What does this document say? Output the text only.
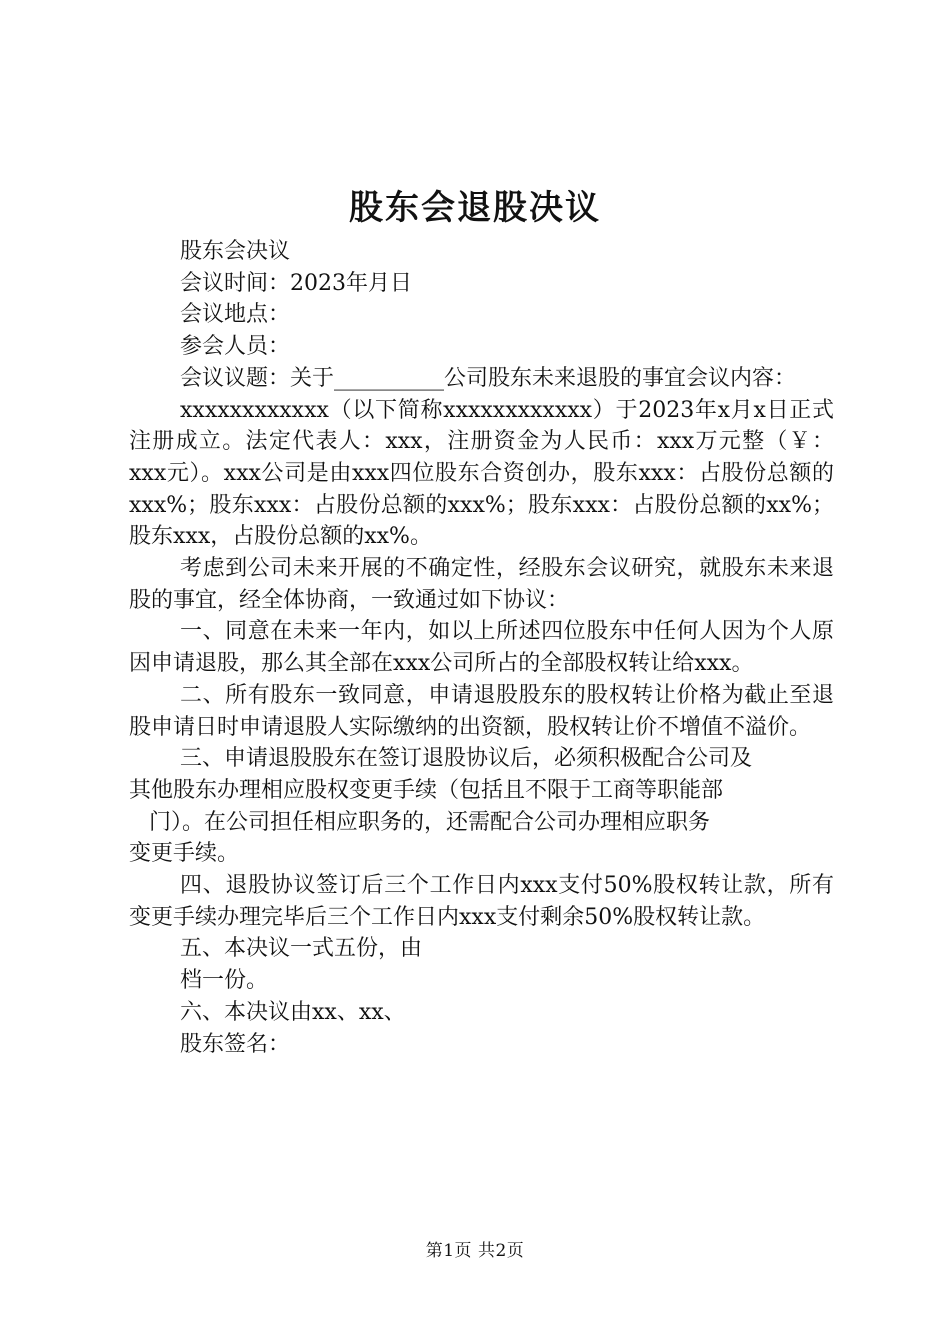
股东会退股决议

股东会决议

会议时间：2023年月日

会议地点：

参会人员：

会议议题：关于__________公司股东未来退股的事宜会议内容：

xxxxxxxxxxxx（以下简称xxxxxxxxxxxx）于2023年x月x日正式注册成立。法定代表人：xxx，注册资金为人民币：xxx万元整（￥：xxx元）。xxx公司是由xxx四位股东合资创办，股东xxx：占股份总额的xxx%；股东xxx：占股份总额的xxx%；股东xxx：占股份总额的xx%；股东xxx，占股份总额的xx%。

考虑到公司未来开展的不确定性，经股东会议研究，就股东未来退股的事宜，经全体协商，一致通过如下协议：

一、同意在未来一年内，如以上所述四位股东中任何人因为个人原因申请退股，那么其全部在xxx公司所占的全部股权转让给xxx。

二、所有股东一致同意，申请退股股东的股权转让价格为截止至退股申请日时申请退股人实际缴纳的出资额，股权转让价不增值不溢价。

三、申请退股股东在签订退股协议后，必须积极配合公司及

其他股东办理相应股权变更手续（包括且不限于工商等职能部

门）。在公司担任相应职务的，还需配合公司办理相应职务

变更手续。

四、退股协议签订后三个工作日内xxx支付50%股权转让款，所有变更手续办理完毕后三个工作日内xxx支付剩余50%股权转让款。

五、本决议一式五份，由

档一份。

六、本决议由xx、xx、

股东签名：

第1页 共2页
